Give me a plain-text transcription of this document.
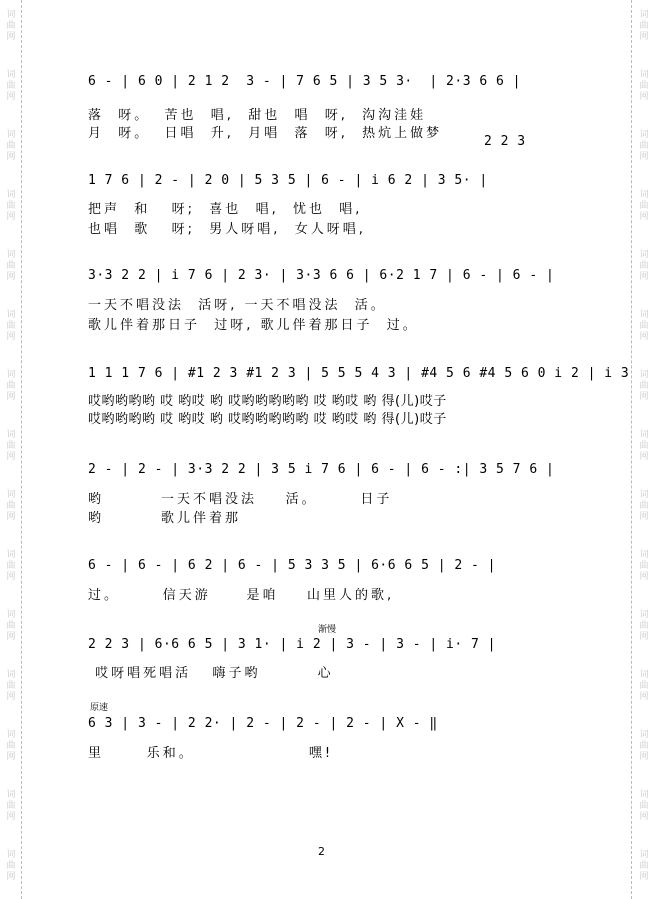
词
曲
网
词
曲
网
词
曲
网
词
曲
网
词
曲
网
词
曲
网
词
曲
网
词
曲
网
词
曲
网
词
曲
网
词
曲
网
词
曲
网
词
曲
网
词
曲
网
词
曲
网
词
曲
网
词
曲
网
词
曲
网
词
曲
网
词
曲
网
词
曲
网
词
曲
网
词
曲
网
词
曲
网
词
曲
网
词
曲
网
词
曲
网
词
曲
网
词
曲
网
词
曲
网
6 - | 6 0 | 2 1 2  3 - | 7 6 5 | 3 5 3·  | 2·3 6 6 |
落  呀。  苦也  唱,  甜也  唱  呀,  沟沟洼娃
月  呀。  日唱  升,  月唱  落  呀,  热炕上做梦
2 2 3
1 7 6 | 2 - | 2 0 | 5 3 5 | 6 - | i 6 2 | 3 5· |
把声  和   呀;  喜也  唱,  忧也  唱,
也唱  歌   呀;  男人呀唱,  女人呀唱,
3·3 2 2 | i 7 6 | 2 3· | 3·3 6 6 | 6·2 1 7 | 6 - | 6 - |
一天不唱没法  活呀, 一天不唱没法  活。
歌儿伴着那日子  过呀, 歌儿伴着那日子  过。
1 1 1 7 6 | #1 2 3 #1 2 3 | 5 5 5 4 3 | #4 5 6 #4 5 6 0 i 2 | i 3
哎哟哟哟哟 哎 哟哎 哟 哎哟哟哟哟哟 哎 哟哎 哟 得(儿)哎子
哎哟哟哟哟 哎 哟哎 哟 哎哟哟哟哟哟 哎 哟哎 哟 得(儿)哎子
2 - | 2 - | 3·3 2 2 | 3 5 i 7 6 | 6 - | 6 - :| 3 5 7 6 |
哟        一天不唱没法    活。      日子
哟        歌儿伴着那
6 - | 6 - | 6 2 | 6 - | 5 3 3 5 | 6·6 6 5 | 2 - |
过。      信天游     是咱    山里人的歌,
渐慢
2 2 3 | 6·6 6 5 | 3 1· | i 2 | 3 - | 3 - | i· 7 |
哎呀唱死唱活   嗨子哟        心
原速
6 3 | 3 - | 2 2· | 2 - | 2 - | 2 - | X - ‖
里      乐和。                嘿!
2
